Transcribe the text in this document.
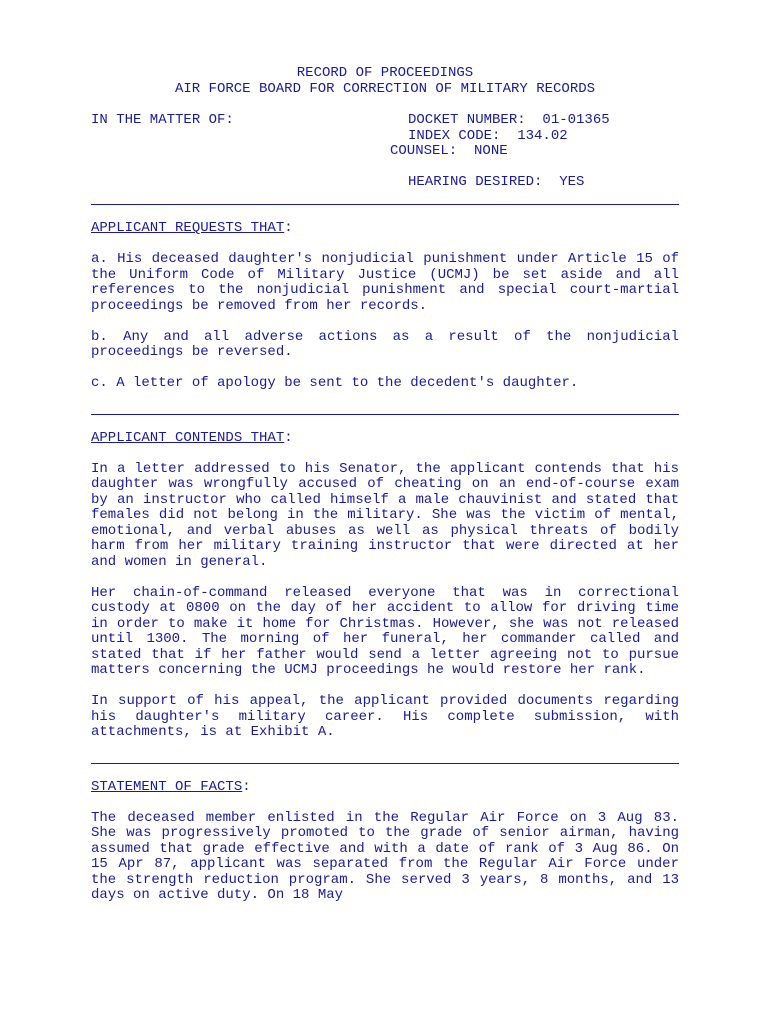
RECORD OF PROCEEDINGS
AIR FORCE BOARD FOR CORRECTION OF MILITARY RECORDS
IN THE MATTER OF:	DOCKET NUMBER:  01-01365
INDEX CODE:  134.02
COUNSEL:  NONE
HEARING DESIRED:  YES
APPLICANT REQUESTS THAT:

a. His deceased daughter's nonjudicial punishment under Article 15 of the Uniform Code of Military Justice (UCMJ) be set aside and all references to the nonjudicial punishment and special court-martial proceedings be removed from her records.

b. Any and all adverse actions as a result of the nonjudicial proceedings be reversed.

c. A letter of apology be sent to the decedent's daughter.

APPLICANT CONTENDS THAT:

In a letter addressed to his Senator, the applicant contends that his daughter was wrongfully accused of cheating on an end-of-course exam by an instructor who called himself a male chauvinist and stated that females did not belong in the military. She was the victim of mental, emotional, and verbal abuses as well as physical threats of bodily harm from her military training instructor that were directed at her and women in general.

Her chain-of-command released everyone that was in correctional custody at 0800 on the day of her accident to allow for driving time in order to make it home for Christmas. However, she was not released until 1300. The morning of her funeral, her commander called and stated that if her father would send a letter agreeing not to pursue matters concerning the UCMJ proceedings he would restore her rank.

In support of his appeal, the applicant provided documents regarding his daughter's military career. His complete submission, with attachments, is at Exhibit A.

STATEMENT OF FACTS:

The deceased member enlisted in the Regular Air Force on 3 Aug 83. She was progressively promoted to the grade of senior airman, having assumed that grade effective and with a date of rank of 3 Aug 86. On 15 Apr 87, applicant was separated from the Regular Air Force under the strength reduction program. She served 3 years, 8 months, and 13 days on active duty. On 18 May
